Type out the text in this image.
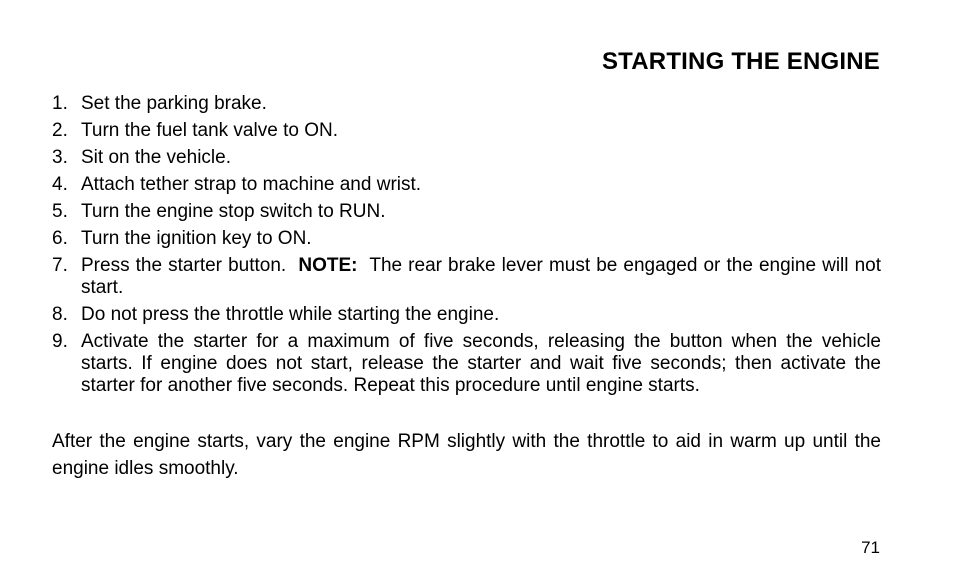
STARTING THE ENGINE
1. Set the parking brake.
2. Turn the fuel tank valve to ON.
3. Sit on the vehicle.
4. Attach tether strap to machine and wrist.
5. Turn the engine stop switch to RUN.
6. Turn the ignition key to ON.
7. Press the starter button. NOTE: The rear brake lever must be engaged or the engine will not start.
8. Do not press the throttle while starting the engine.
9. Activate the starter for a maximum of five seconds, releasing the button when the vehicle starts. If engine does not start, release the starter and wait five seconds; then activate the starter for another five seconds. Repeat this procedure until engine starts.

After the engine starts, vary the engine RPM slightly with the throttle to aid in warm up until the engine idles smoothly.

71
